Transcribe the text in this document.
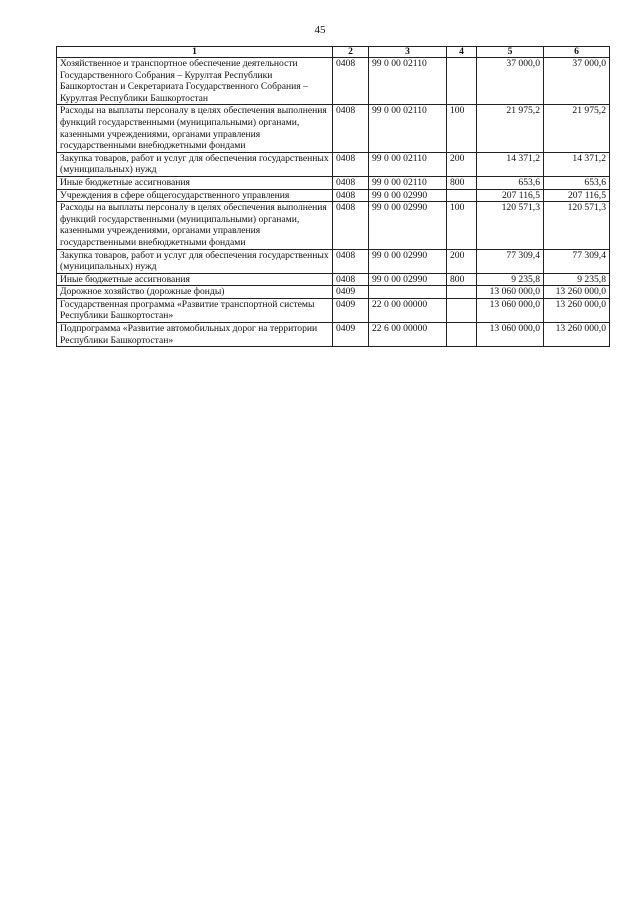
45
1	2	3	4	5	6
Хозяйственное и транспортное обеспечение деятельности Государственного Собрания – Курултая Республики Башкортостан и Секретариата Государственного Собрания – Курултая Республики Башкортостан	0408	99 0 00 02110		37 000,0	37 000,0
Расходы на выплаты персоналу в целях обеспечения выполнения функций государственными (муниципальными) органами, казенными учреждениями, органами управления государственными внебюджетными фондами	0408	99 0 00 02110	100	21 975,2	21 975,2
Закупка товаров, работ и услуг для обеспечения государственных (муниципальных) нужд	0408	99 0 00 02110	200	14 371,2	14 371,2
Иные бюджетные ассигнования	0408	99 0 00 02110	800	653,6	653,6
Учреждения в сфере общегосударственного управления	0408	99 0 00 02990		207 116,5	207 116,5
Расходы на выплаты персоналу в целях обеспечения выполнения функций государственными (муниципальными) органами, казенными учреждениями, органами управления государственными внебюджетными фондами	0408	99 0 00 02990	100	120 571,3	120 571,3
Закупка товаров, работ и услуг для обеспечения государственных (муниципальных) нужд	0408	99 0 00 02990	200	77 309,4	77 309,4
Иные бюджетные ассигнования	0408	99 0 00 02990	800	9 235,8	9 235,8
Дорожное хозяйство (дорожные фонды)	0409			13 060 000,0	13 260 000,0
Государственная программа «Развитие транспортной системы Республики Башкортостан»	0409	22 0 00 00000		13 060 000,0	13 260 000,0
Подпрограмма «Развитие автомобильных дорог на территории Республики Башкортостан»	0409	22 6 00 00000		13 060 000,0	13 260 000,0
